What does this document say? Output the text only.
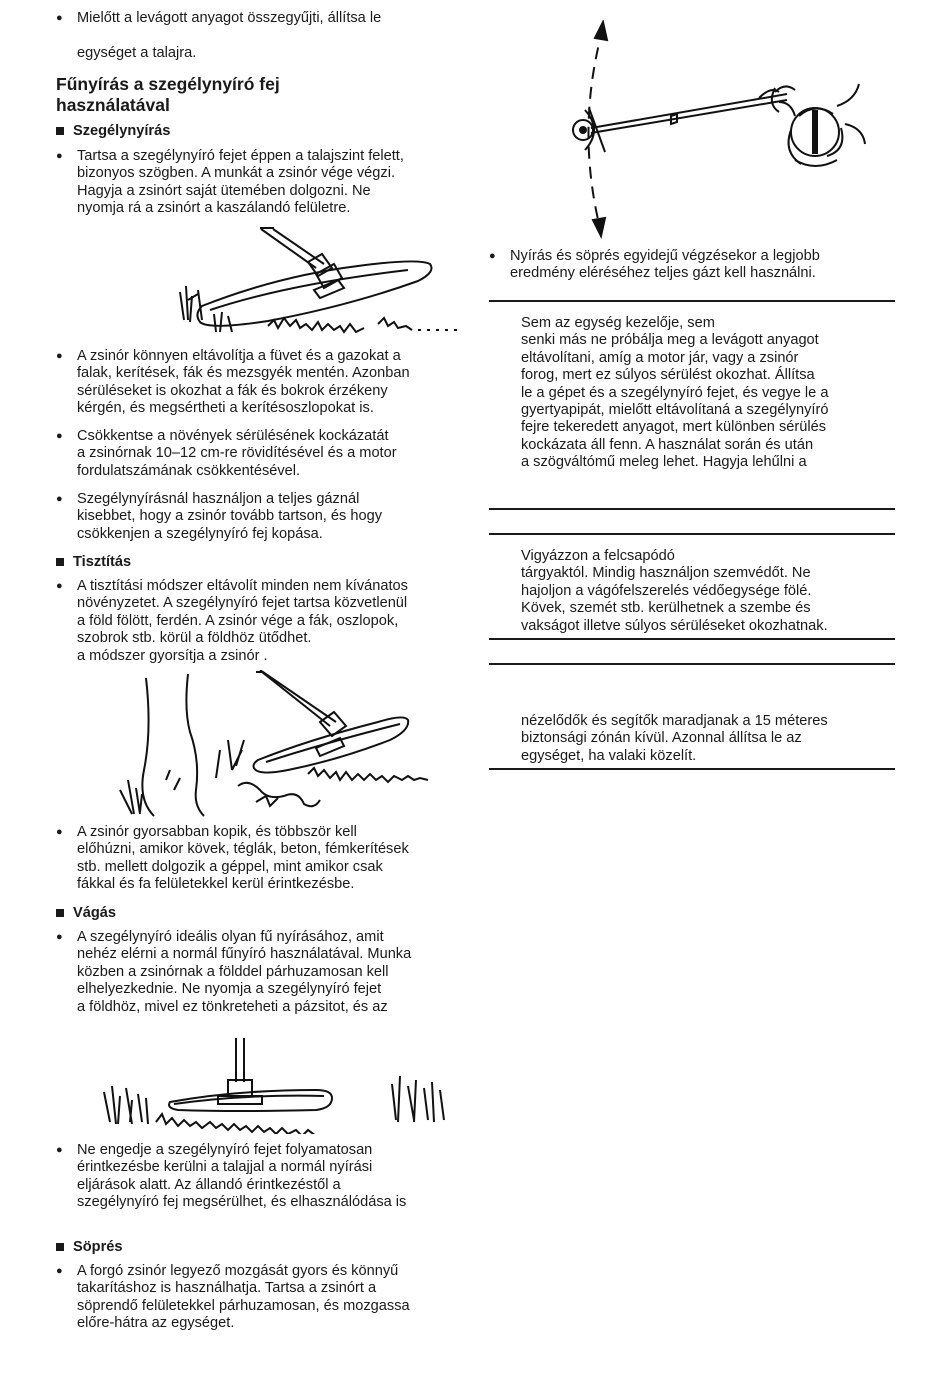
● Mielőtt a levágott anyagot összegyűjti, állítsa le

egységet a talajra.
Fűnyírás a szegélynyíró fej
használatával
Szegélynyírás
● Tartsa a szegélynyíró fejet éppen a talajszint felett,
bizonyos szögben. A munkát a zsinór vége végzi.
Hagyja a zsinórt saját ütemében dolgozni. Ne
nyomja rá a zsinórt a kaszálandó felületre.
● A zsinór könnyen eltávolítja a füvet és a gazokat a
falak, kerítések, fák és mezsgyék mentén. Azonban
sérüléseket is okozhat a fák és bokrok érzékeny
kérgén, és megsértheti a kerítésoszlopokat is.
● Csökkentse a növények sérülésének kockázatát
a zsinórnak 10–12 cm-re rövidítésével és a motor
fordulatszámának csökkentésével.
● Szegélynyírásnál használjon a teljes gáznál
kisebbet, hogy a zsinór tovább tartson, és hogy
csökkenjen a szegélynyíró fej kopása.
Tisztítás
● A tisztítási módszer eltávolít minden nem kívánatos
növényzetet. A szegélynyíró fejet tartsa közvetlenül
a föld fölött, ferdén. A zsinór vége a fák, oszlopok,
szobrok stb. körül a földhöz ütődhet.
a módszer gyorsítja a zsinór .
● A zsinór gyorsabban kopik, és többször kell
előhúzni, amikor kövek, téglák, beton, fémkerítések
stb. mellett dolgozik a géppel, mint amikor csak
fákkal és fa felületekkel kerül érintkezésbe.
Vágás
● A szegélynyíró ideális olyan fű nyírásához, amit
nehéz elérni a normál fűnyíró használatával. Munka
közben a zsinórnak a földdel párhuzamosan kell
elhelyezkednie. Ne nyomja a szegélynyíró fejet
a földhöz, mivel ez tönkreteheti a pázsitot, és az
● Ne engedje a szegélynyíró fejet folyamatosan
érintkezésbe kerülni a talajjal a normál nyírási
eljárások alatt. Az állandó érintkezéstől a
szegélynyíró fej megsérülhet, és elhasználódása is
Söprés
● A forgó zsinór legyező mozgását gyors és könnyű
takarításhoz is használhatja. Tartsa a zsinórt a
söprendő felületekkel párhuzamosan, és mozgassa
előre-hátra az egységet.
● Nyírás és söprés egyidejű végzésekor a legjobb
eredmény eléréséhez teljes gázt kell használni.
Sem az egység kezelője, sem
senki más ne próbálja meg a levágott anyagot
eltávolítani, amíg a motor jár, vagy a zsinór
forog, mert ez súlyos sérülést okozhat. Állítsa
le a gépet és a szegélynyíró fejet, és vegye le a
gyertyapipát, mielőtt eltávolítaná a szegélynyíró
fejre tekeredett anyagot, mert különben sérülés
kockázata áll fenn. A használat során és után
a szögváltómű meleg lehet. Hagyja lehűlni a
Vigyázzon a felcsapódó
tárgyaktól. Mindig használjon szemvédőt. Ne
hajoljon a vágófelszerelés védőegysége fölé.
Kövek, szemét stb. kerülhetnek a szembe és
vakságot illetve súlyos sérüléseket okozhatnak.
nézelődők és segítők maradjanak a 15 méteres
biztonsági zónán kívül. Azonnal állítsa le az
egységet, ha valaki közelít.
